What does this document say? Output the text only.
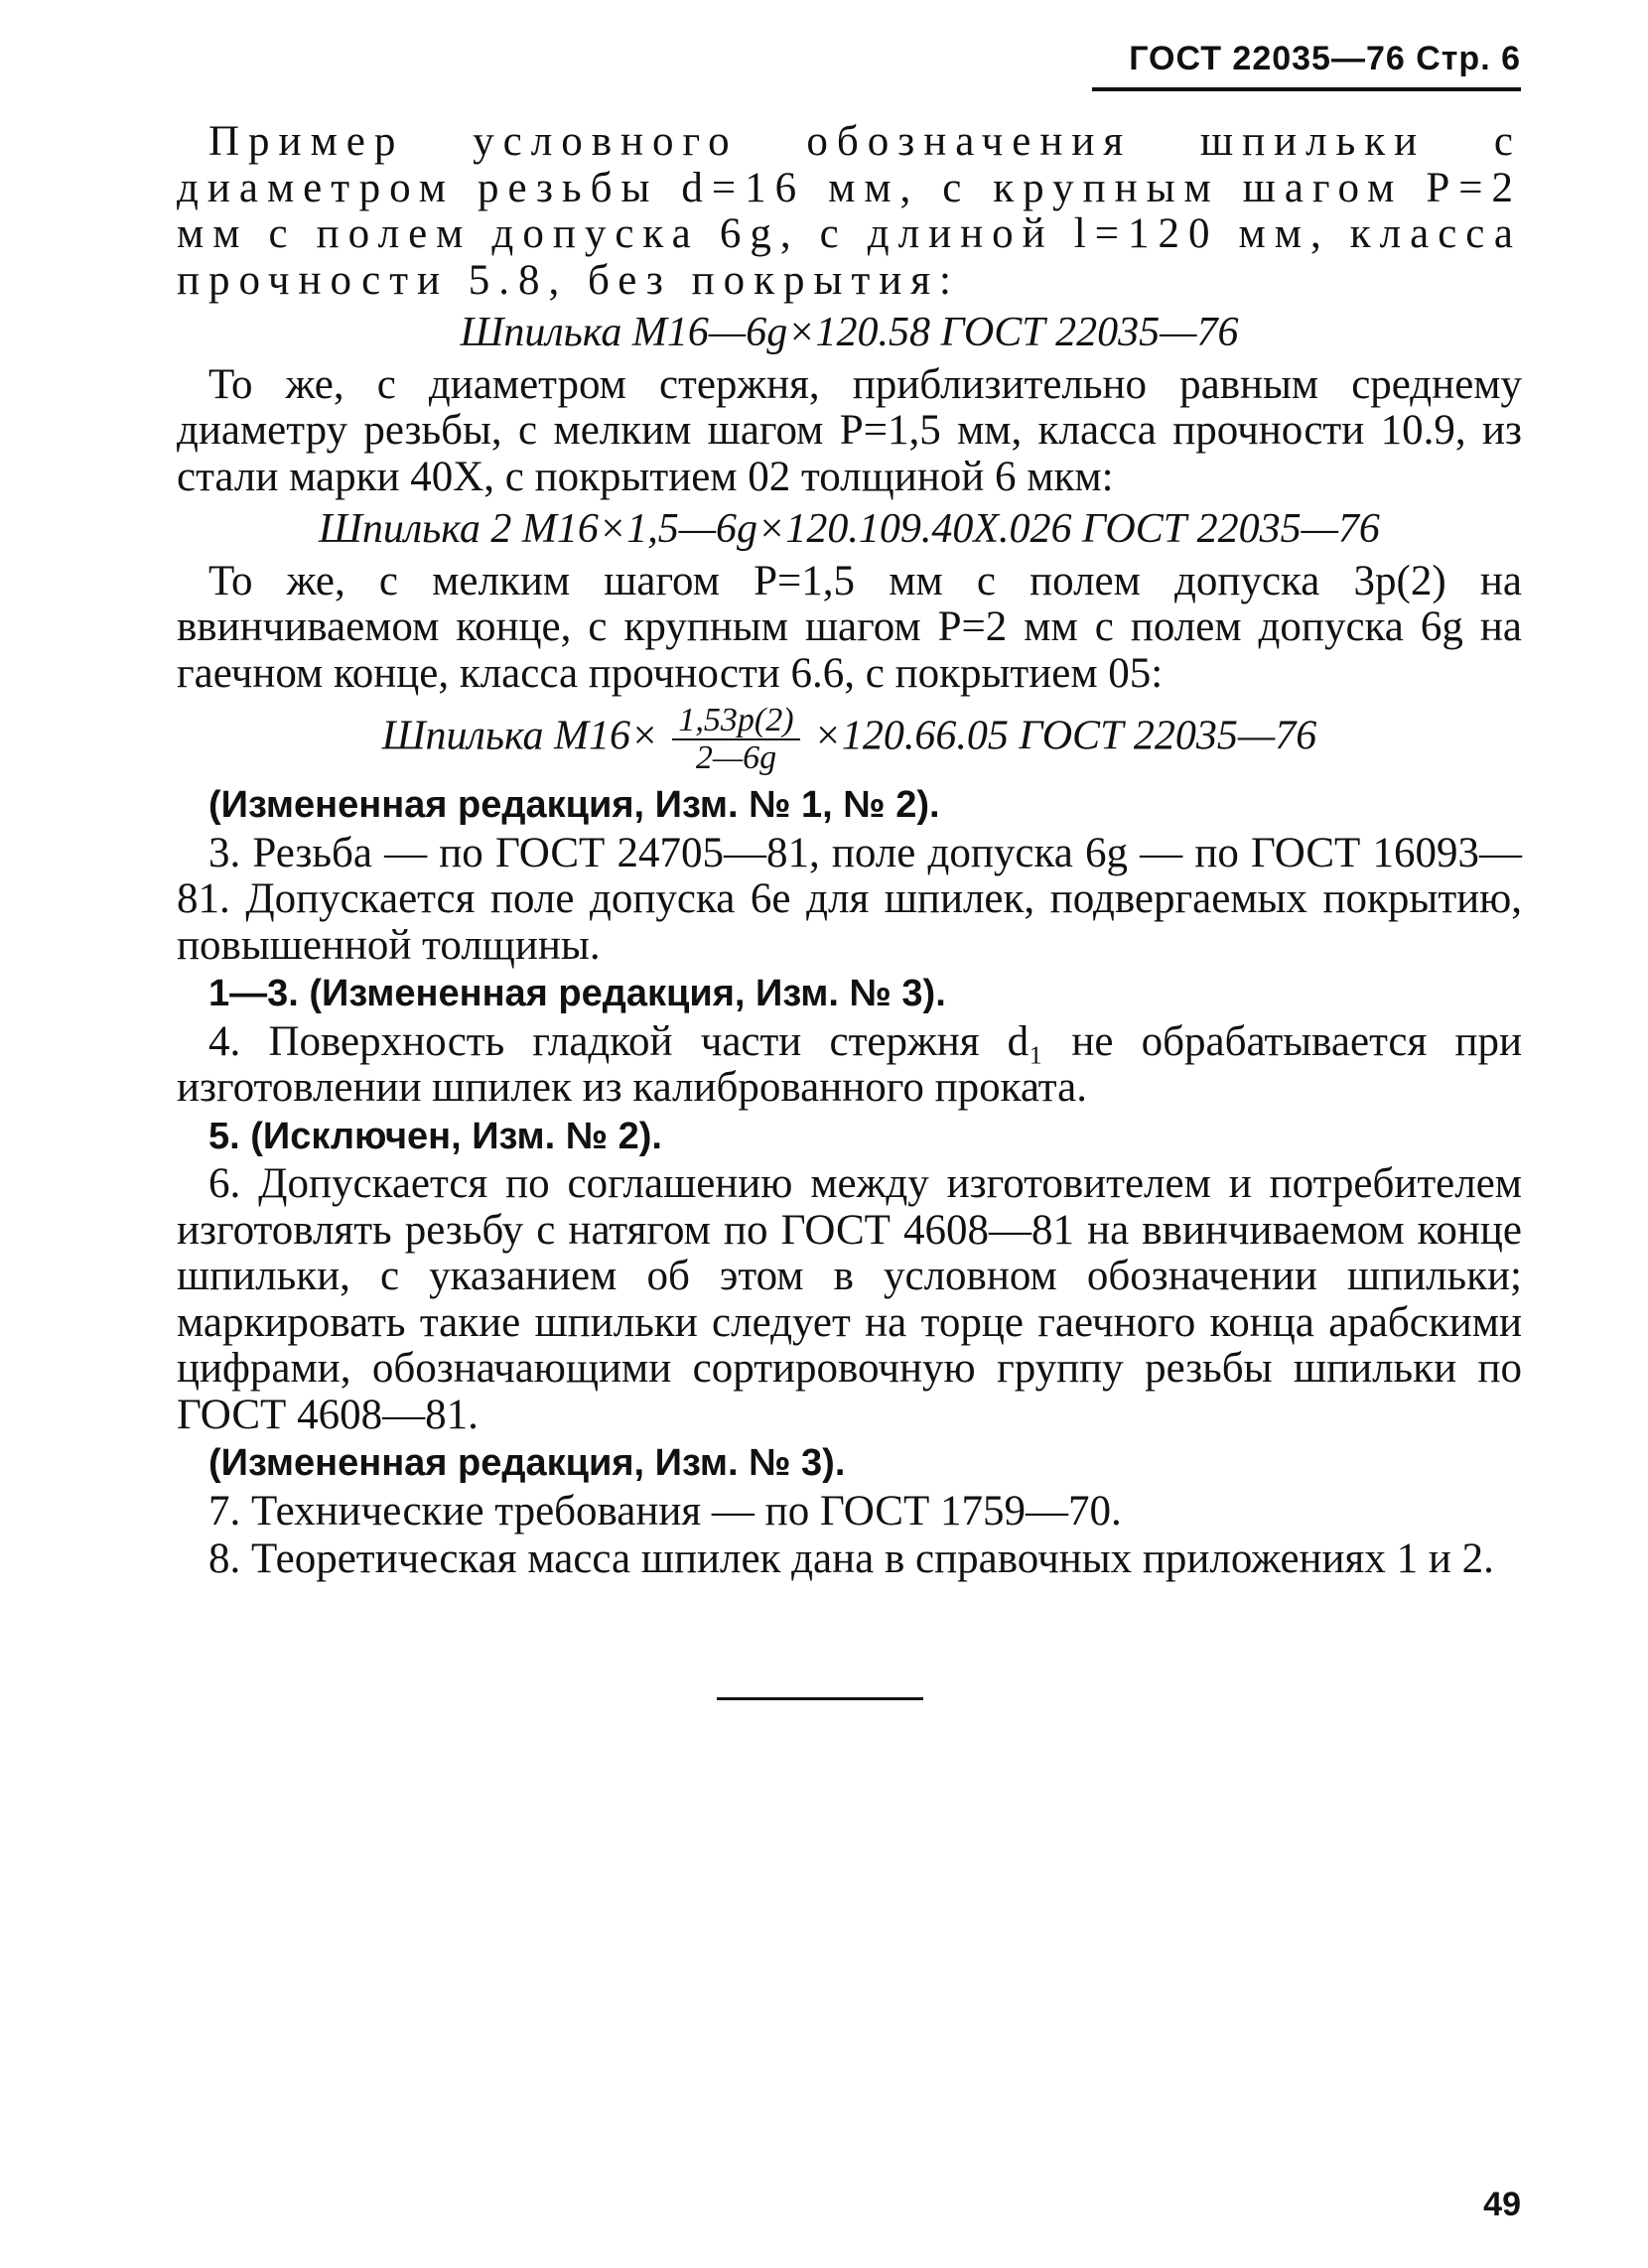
ГОСТ 22035—76 Стр. 6

Пример условного обозначения шпильки с диаметром резьбы d=16 мм, с крупным шагом P=2 мм с полем допуска 6g, с длиной l=120 мм, класса прочности 5.8, без покрытия:

Шпилька M16—6g×120.58 ГОСТ 22035—76

То же, с диаметром стержня, приблизительно равным среднему диаметру резьбы, с мелким шагом P=1,5 мм, класса прочности 10.9, из стали марки 40Х, с покрытием 02 толщиной 6 мкм:

Шпилька 2 M16×1,5—6g×120.109.40X.026 ГОСТ 22035—76

То же, с мелким шагом P=1,5 мм с полем допуска 3p(2) на ввинчиваемом конце, с крупным шагом P=2 мм с полем допуска 6g на гаечном конце, класса прочности 6.6, с покрытием 05:

Шпилька $M16\times \frac{1,53p(2)}{2—6g} \times 120.66.05$ ГОСТ 22035—76

(Измененная редакция, Изм. № 1, № 2).

3. Резьба — по ГОСТ 24705—81, поле допуска 6g — по ГОСТ 16093—81. Допускается поле допуска 6е для шпилек, подвергаемых покрытию, повышенной толщины.

1—3. (Измененная редакция, Изм. № 3).

4. Поверхность гладкой части стержня d₁ не обрабатывается при изготовлении шпилек из калиброванного проката.

5. (Исключен, Изм. № 2).

6. Допускается по соглашению между изготовителем и потребителем изготовлять резьбу с натягом по ГОСТ 4608—81 на ввинчиваемом конце шпильки, с указанием об этом в условном обозначении шпильки; маркировать такие шпильки следует на торце гаечного конца арабскими цифрами, обозначающими сортировочную группу резьбы шпильки по ГОСТ 4608—81.

(Измененная редакция, Изм. № 3).

7. Технические требования — по ГОСТ 1759—70.

8. Теоретическая масса шпилек дана в справочных приложениях 1 и 2.

49
